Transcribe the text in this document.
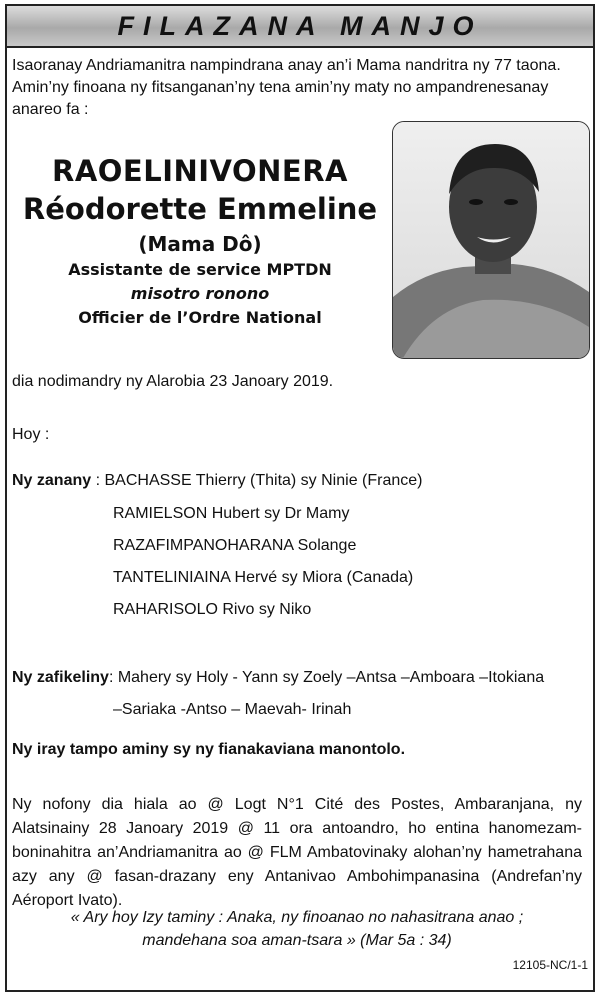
FILAZANA MANJO
Isaoranay Andriamanitra nampindrana anay an’i Mama nandritra ny 77 taona.
Amin’ny finoana ny fitsanganan’ny tena amin’ny maty no ampandrenesanay
anareo fa :
RAOELINIVONERA
Réodorette Emmeline
(Mama Dô)
Assistante de service MPTDN
misotro ronono
Officier de l’Ordre National
dia nodimandry ny Alarobia 23 Janoary 2019.
Hoy :
Ny zanany : BACHASSE Thierry (Thita) sy Ninie (France)
RAMIELSON Hubert sy Dr Mamy
RAZAFIMPANOHARANA Solange
TANTELINIAINA Hervé sy Miora (Canada)
RAHARISOLO Rivo sy Niko
Ny zafikeliny: Mahery sy Holy - Yann sy Zoely –Antsa –Amboara –Itokiana
–Sariaka -Antso – Maevah- Irinah
Ny iray tampo aminy sy ny fianakaviana manontolo.
Ny nofony dia hiala ao @ Logt N°1 Cité des Postes, Ambaranjana, ny Alatsinainy 28 Janoary 2019 @ 11 ora antoandro, ho entina hanomezam-boninahitra an’Andriamanitra ao @ FLM Ambatovinaky alohan’ny hametrahana azy any @ fasan-drazany eny Antanivao Ambohimpanasina (Andrefan’ny Aéroport Ivato).
« Ary hoy Izy taminy : Anaka, ny finoanao no nahasitrana anao ;
mandehana soa aman-tsara » (Mar 5a : 34)
12105-NC/1-1
